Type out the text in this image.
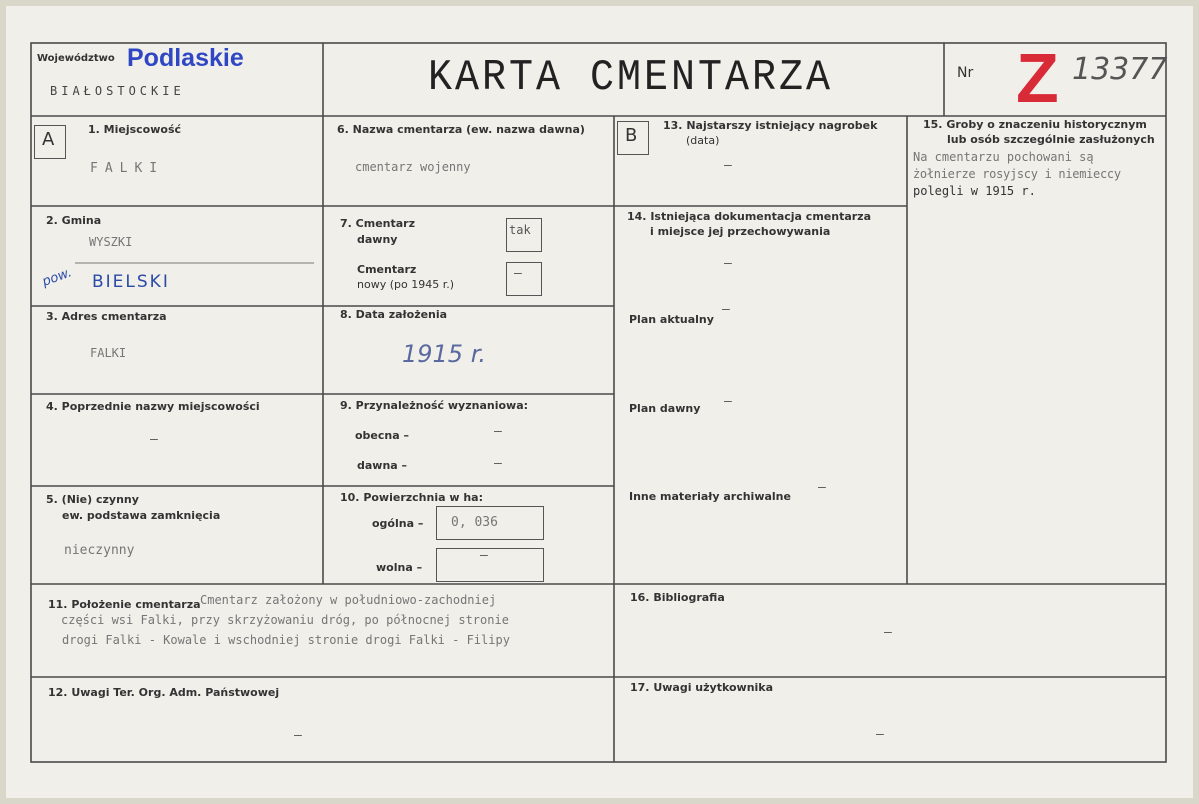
Województwo Podlaskie
BIAŁOSTOCKIE	KARTA CMENTARZA	Nr Z 13377
A	B
1. Miejscowość
FALKI
2. Gmina
WYSZKI
pow. BIELSKI
3. Adres cmentarza
FALKI
4. Poprzednie nazwy miejscowości
–
5. (Nie) czynny
ew. podstawa zamknięcia
nieczynny
6. Nazwa cmentarza (ew. nazwa dawna)
cmentarz wojenny
7. Cmentarz
dawny
tak
Cmentarz
nowy (po 1945 r.)
–
8. Data założenia
1915 r.
9. Przynależność wyznaniowa:
obecna –	–
dawna –	–
10. Powierzchnia w ha:
ogólna – 0, 036
wolna –
–
11. Położenie cmentarza Cmentarz założony w południowo-zachodniej
części wsi Falki, przy skrzyżowaniu dróg, po północnej stronie
drogi Falki - Kowale i wschodniej stronie drogi Falki - Filipy
12. Uwagi Ter. Org. Adm. Państwowej
–
13. Najstarszy istniejący nagrobek
(data)
–
14. Istniejąca dokumentacja cmentarza
i miejsce jej przechowywania
–
Plan aktualny
–
Plan dawny –
Inne materiały archiwalne
–
15. Groby o znaczeniu historycznym
lub osób szczególnie zasłużonych
Na cmentarzu pochowani są
żołnierze rosyjscy i niemieccy
polegli w 1915 r.
16. Bibliografia
–
17. Uwagi użytkownika
–
